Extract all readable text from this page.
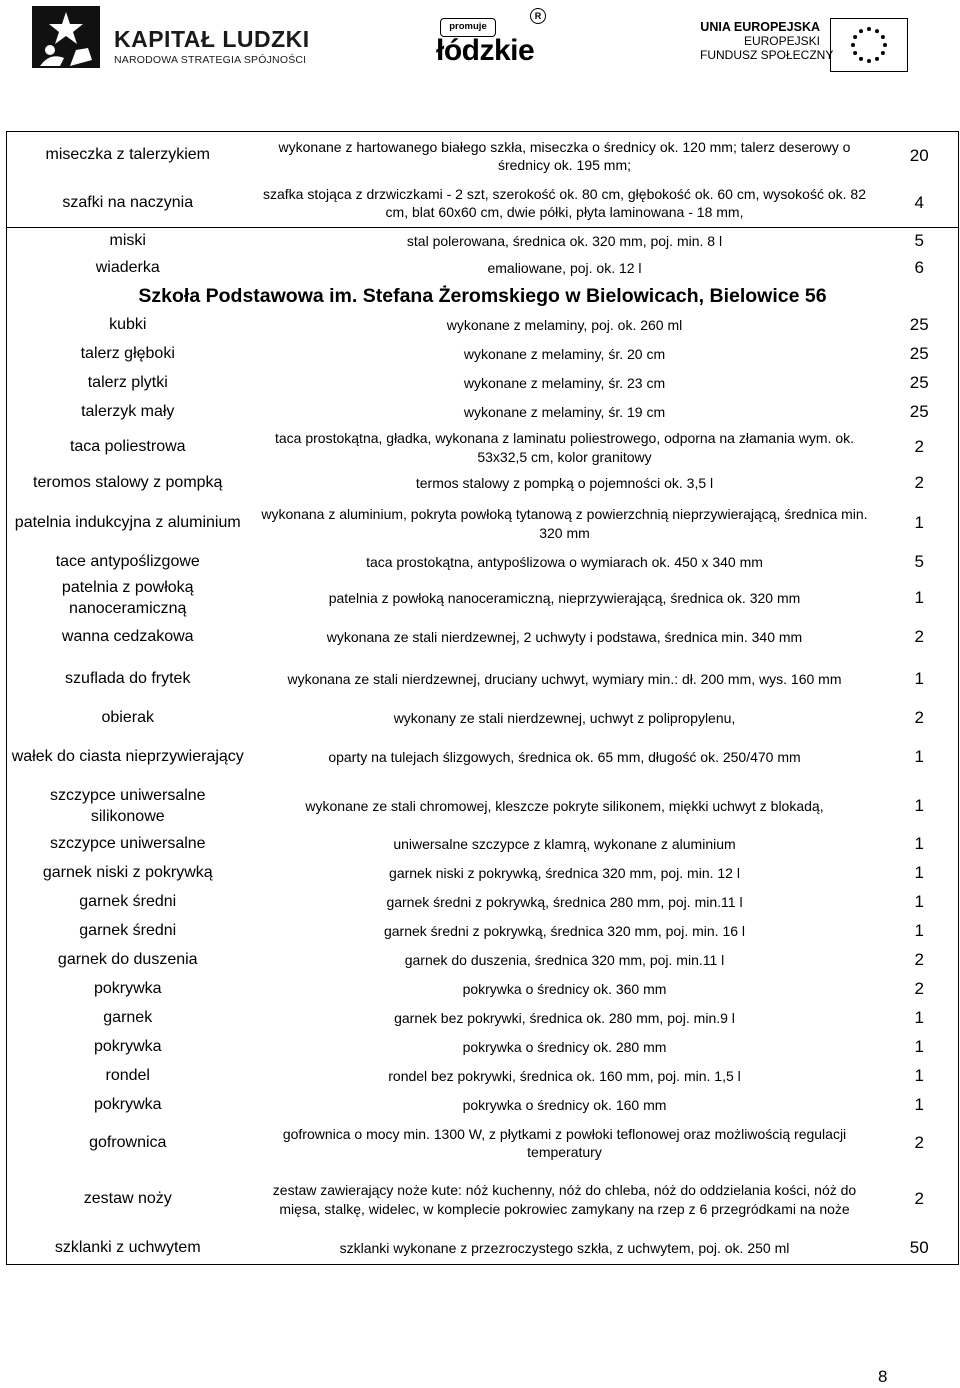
KAPITAŁ LUDZKI
NARODOWA STRATEGIA SPÓJNOŚCI
promuje
R
łódzkie
UNIA EUROPEJSKA
EUROPEJSKI
FUNDUSZ SPOŁECZNY
miseczka z talerzykiem	wykonane z hartowanego białego szkła, miseczka o średnicy ok. 120 mm; talerz deserowy o średnicy ok. 195 mm;	20
szafki na naczynia	szafka stojąca z drzwiczkami - 2 szt, szerokość ok. 80 cm, głębokość ok. 60 cm, wysokość ok. 82 cm, blat 60x60 cm, dwie półki, płyta laminowana - 18 mm,	4
miski	stal polerowana, średnica ok. 320 mm, poj. min. 8 l	5
wiaderka	emaliowane, poj. ok. 12 l	6
Szkoła Podstawowa im. Stefana Żeromskiego w Bielowicach, Bielowice 56		
kubki	wykonane z melaminy, poj. ok. 260 ml	25
talerz głęboki	wykonane z melaminy, śr. 20 cm	25
talerz plytki	wykonane z melaminy, śr. 23 cm	25
talerzyk mały	wykonane z melaminy, śr. 19 cm	25
taca poliestrowa	taca prostokątna, gładka, wykonana z laminatu poliestrowego, odporna na złamania wym. ok. 53x32,5 cm, kolor granitowy	2
teromos stalowy z pompką	termos stalowy z pompką o pojemności ok. 3,5 l	2
patelnia indukcyjna z aluminium	wykonana z aluminium, pokryta powłoką tytanową z powierzchnią nieprzywierającą, średnica min. 320 mm	1
tace antypoślizgowe	taca prostokątna, antypoślizowa o wymiarach ok. 450 x 340 mm	5
patelnia z powłoką nanoceramiczną	patelnia z powłoką nanoceramiczną, nieprzywierającą, średnica ok. 320 mm	1
wanna cedzakowa	wykonana ze stali nierdzewnej, 2 uchwyty i podstawa, średnica min. 340 mm	2
szuflada do frytek	wykonana ze stali nierdzewnej, druciany uchwyt, wymiary min.: dł. 200 mm, wys. 160 mm	1
obierak	wykonany ze stali nierdzewnej, uchwyt z polipropylenu,	2
wałek do ciasta nieprzywierający	oparty na tulejach ślizgowych, średnica ok. 65 mm, długość ok. 250/470 mm	1
szczypce uniwersalne silikonowe	wykonane ze stali chromowej, kleszcze pokryte silikonem, miękki uchwyt z blokadą,	1
szczypce uniwersalne	uniwersalne szczypce z klamrą, wykonane z aluminium	1
garnek niski z pokrywką	garnek niski z pokrywką, średnica 320 mm, poj. min. 12 l	1
garnek średni	garnek średni z pokrywką, średnica 280 mm, poj. min.11 l	1
garnek średni	garnek średni z pokrywką, średnica 320 mm, poj. min. 16 l	1
garnek do duszenia	garnek do duszenia, średnica 320 mm, poj. min.11 l	2
pokrywka	pokrywka o średnicy ok. 360 mm	2
garnek	garnek bez pokrywki, średnica ok. 280 mm, poj. min.9 l	1
pokrywka	pokrywka o średnicy ok. 280 mm	1
rondel	rondel bez pokrywki, średnica ok. 160 mm, poj. min. 1,5 l	1
pokrywka	pokrywka o średnicy ok. 160 mm	1
gofrownica	gofrownica o mocy min. 1300 W, z płytkami z powłoki teflonowej oraz możliwością regulacji temperatury	2
zestaw noży	zestaw zawierający noże kute: nóż kuchenny, nóż do chleba, nóż do oddzielania kości, nóż do mięsa, stalkę, widelec, w komplecie pokrowiec zamykany na rzep z 6 przegródkami na noże	2
szklanki z uchwytem	szklanki wykonane z przezroczystego szkła, z uchwytem, poj. ok. 250 ml	50
8
